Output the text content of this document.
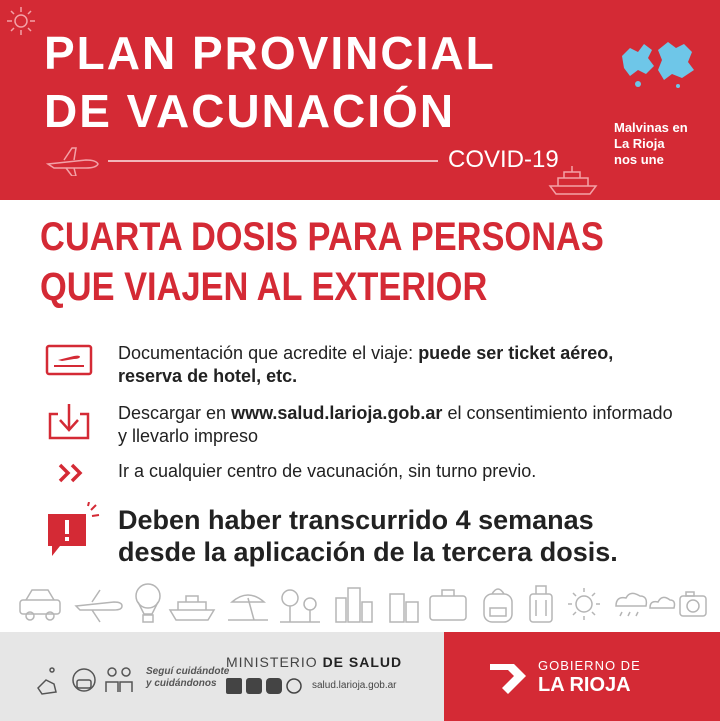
PLAN PROVINCIAL
DE VACUNACIÓN
COVID-19
Malvinas en
La Rioja
nos une
CUARTA DOSIS PARA PERSONAS
QUE VIAJEN AL EXTERIOR
Documentación que acredite el viaje: puede ser ticket aéreo, reserva de hotel, etc.
Descargar en www.salud.larioja.gob.ar el consentimiento informado y llevarlo impreso
Ir a cualquier centro de vacunación, sin turno previo.
Deben haber transcurrido 4 semanas desde la aplicación de la tercera dosis.
Seguí cuidándote
y cuidándonos
MINISTERIO DE SALUD
salud.larioja.gob.ar
GOBIERNO DE
LA RIOJA
